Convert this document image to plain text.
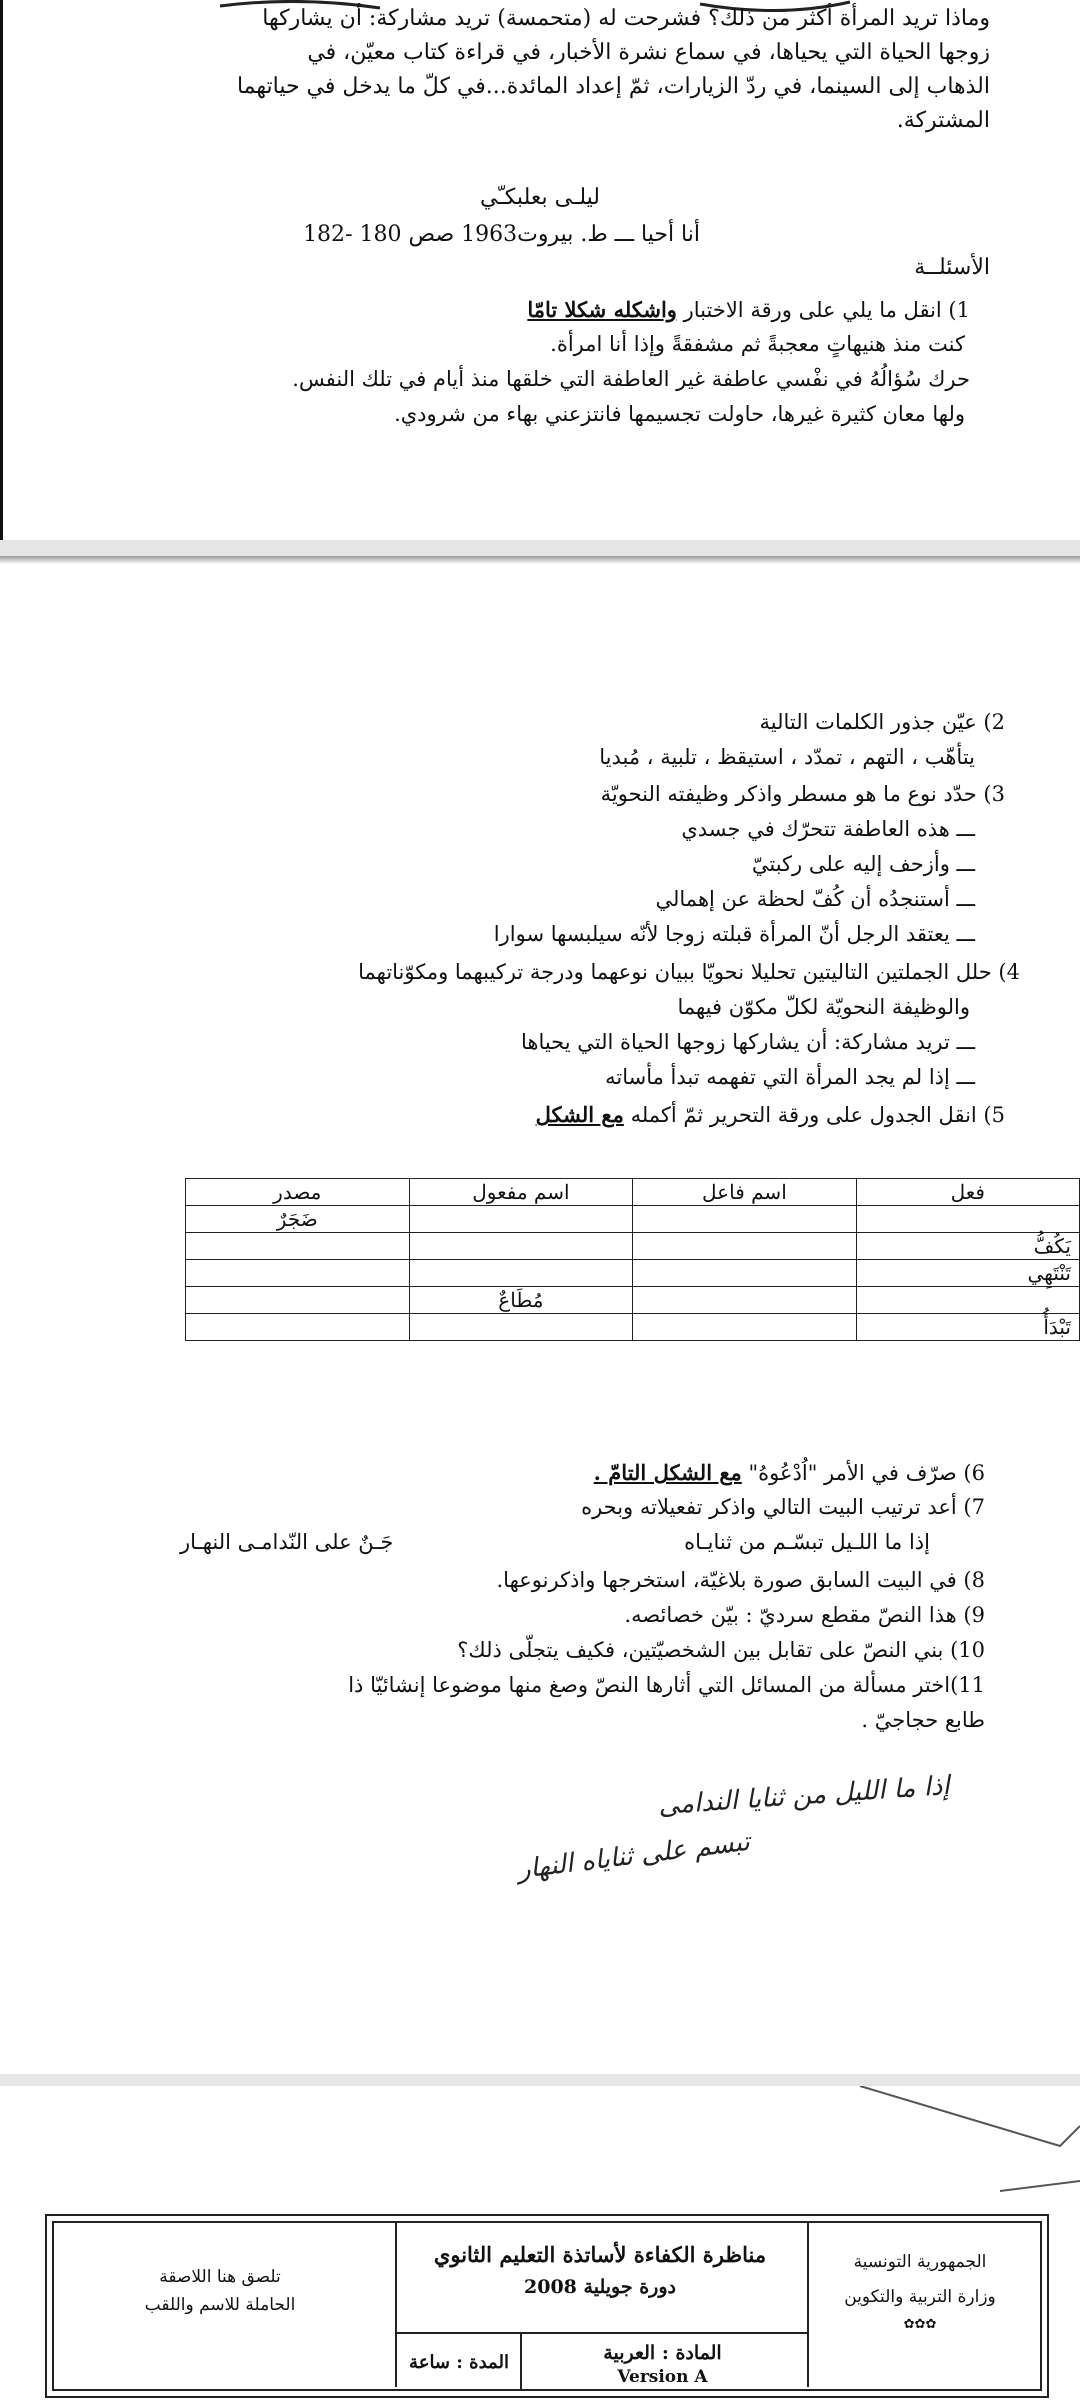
وماذا تريد المرأة أكثر من ذلك؟ فشرحت له (متحمسة) تريد مشاركة: أن يشاركها
زوجها الحياة التي يحياها، في سماع نشرة الأخبار، في قراءة كتاب معيّن، في
الذهاب إلى السينما، في ردّ الزيارات، ثمّ إعداد المائدة...في كلّ ما يدخل في حياتهما
المشتركة.
ليلـى بعلبكـّي
أنا أحيا ـــ ط. بيروت1963 صص 180 -182
الأسئلــة
1) انقل ما يلي على ورقة الاختبار واشكله شكلا تامّا
كنت منذ هنيهاتٍ معجبةً ثم مشفقةً وإذا أنا امرأة.
حرك سُؤالُهُ في نفْسي عاطفة غير العاطفة التي خلقها منذ أيام في تلك النفس.
ولها معان كثيرة غيرها، حاولت تجسيمها فانتزعني بهاء من شرودي.
2) عيّن جذور الكلمات التالية
يتأهّب ، التهم ، تمدّد ، استيقظ ، تلبية ، مُبديا
3) حدّد نوع ما هو مسطر واذكر وظيفته النحويّة
ـــ هذه العاطفة تتحرّك في جسدي
ـــ وأزحف إليه على ركبتيّ
ـــ أستنجدُه أن كُفّ لحظة عن إهمالي
ـــ يعتقد الرجل أنّ المرأة قبلته زوجا لأنّه سيلبسها سوارا
4) حلل الجملتين التاليتين تحليلا نحويّا ببيان نوعهما ودرجة تركيبهما ومكوّناتهما
والوظيفة النحويّة لكلّ مكوّن فيهما
ـــ تريد مشاركة: أن يشاركها زوجها الحياة التي يحياها
ـــ إذا لم يجد المرأة التي تفهمه تبدأ مأساته
5) انقل الجدول على ورقة التحرير ثمّ أكمله مع الشكل
فعل	اسم فاعل	اسم مفعول	مصدر
			ضَجَرٌ
يَكُفُّ			
تَنْتَهِي			
		مُطَاعٌ	
تَبْدَأُ			
6) صرّف في الأمر "اُدْعُوهُ" مع الشكل التامّ .
7) أعد ترتيب البيت التالي واذكر تفعيلاته وبحره
إذا ما اللـيل تبسّـم من ثنايـاه
جَـنٌ على النّدامـى النهـار
8) في البيت السابق صورة بلاغيّة، استخرجها واذكرنوعها.
9) هذا النصّ مقطع سرديّ : بيّن خصائصه.
10) بني النصّ على تقابل بين الشخصيّتين، فكيف يتجلّى ذلك؟
11)اختر مسألة من المسائل التي أثارها النصّ وصغ منها موضوعا إنشائيّا ذا
طابع حجاجيّ .
إذا ما الليل من ثنايا الندامى
تبسم على ثناياه النهار
تلصق هنا اللاصقة
الحاملة للاسم واللقب
مناظرة الكفاءة لأساتذة التعليم الثانوي
دورة جويلية 2008
المادة : العربية
Version A
المدة : ساعة
الجمهورية التونسية
وزارة التربية والتكوين
✿✿✿
